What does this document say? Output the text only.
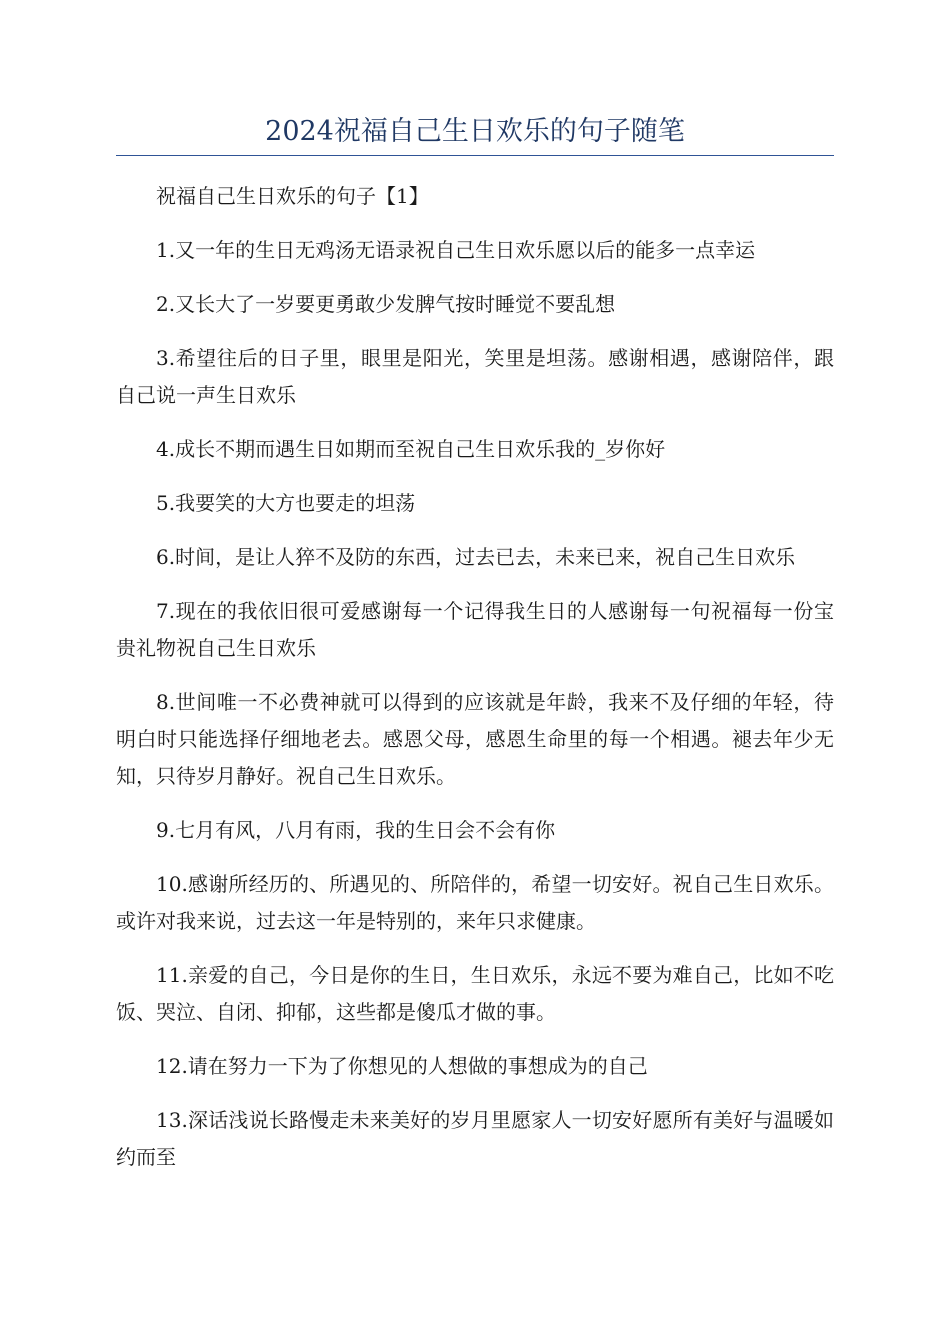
2024祝福自己生日欢乐的句子随笔

祝福自己生日欢乐的句子【1】

1.又一年的生日无鸡汤无语录祝自己生日欢乐愿以后的能多一点幸运

2.又长大了一岁要更勇敢少发脾气按时睡觉不要乱想

3.希望往后的日子里，眼里是阳光，笑里是坦荡。感谢相遇，感谢陪伴，跟自己说一声生日欢乐

4.成长不期而遇生日如期而至祝自己生日欢乐我的_岁你好

5.我要笑的大方也要走的坦荡

6.时间，是让人猝不及防的东西，过去已去，未来已来，祝自己生日欢乐

7.现在的我依旧很可爱感谢每一个记得我生日的人感谢每一句祝福每一份宝贵礼物祝自己生日欢乐

8.世间唯一不必费神就可以得到的应该就是年龄，我来不及仔细的年轻，待明白时只能选择仔细地老去。感恩父母，感恩生命里的每一个相遇。褪去年少无知，只待岁月静好。祝自己生日欢乐。

9.七月有风，八月有雨，我的生日会不会有你

10.感谢所经历的、所遇见的、所陪伴的，希望一切安好。祝自己生日欢乐。或许对我来说，过去这一年是特别的，来年只求健康。

11.亲爱的自己，今日是你的生日，生日欢乐，永远不要为难自己，比如不吃饭、哭泣、自闭、抑郁，这些都是傻瓜才做的事。

12.请在努力一下为了你想见的人想做的事想成为的自己

13.深话浅说长路慢走未来美好的岁月里愿家人一切安好愿所有美好与温暖如约而至
